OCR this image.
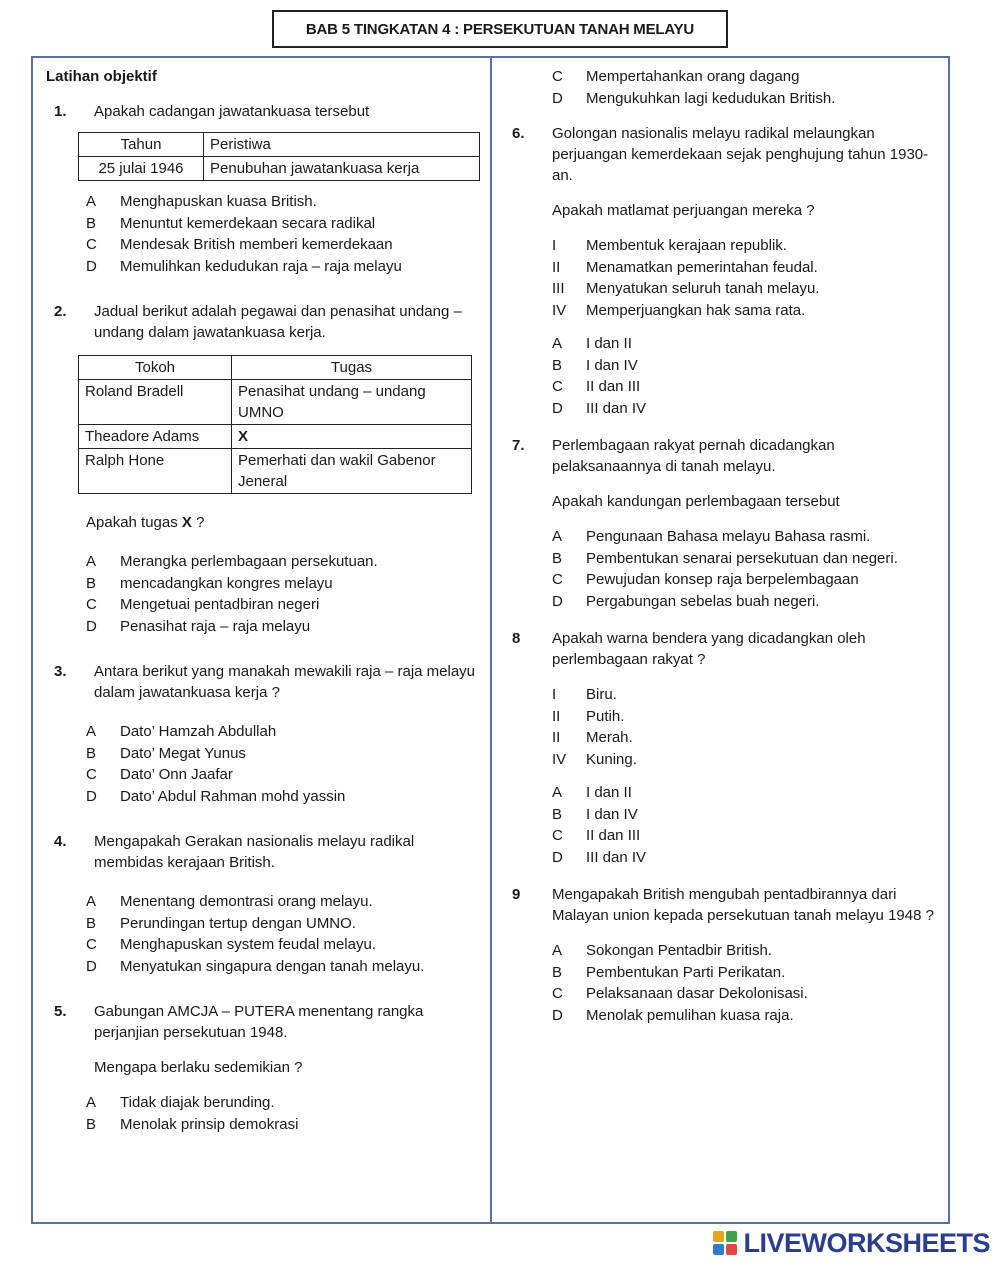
BAB 5 TINGKATAN 4 : PERSEKUTUAN TANAH MELAYU
Latihan objektif
1.	Apakah cadangan jawatankuasa tersebut
Tahun	Peristiwa
25 julai 1946	Penubuhan jawatankuasa kerja
A	Menghapuskan kuasa British.
B	Menuntut kemerdekaan secara radikal
C	Mendesak British memberi kemerdekaan
D	Memulihkan kedudukan raja – raja melayu
2.	Jadual berikut adalah pegawai dan penasihat undang – undang dalam jawatankuasa kerja.
Tokoh	Tugas
Roland Bradell	Penasihat undang – undang UMNO
Theadore Adams	X
Ralph Hone	Pemerhati dan wakil Gabenor Jeneral
Apakah tugas X ?
A	Merangka perlembagaan persekutuan.
B	mencadangkan kongres melayu
C	Mengetuai pentadbiran negeri
D	Penasihat raja – raja melayu
3.	Antara berikut yang manakah mewakili raja – raja melayu dalam jawatankuasa kerja ?
A	Dato’ Hamzah Abdullah
B	Dato’ Megat Yunus
C	Dato’ Onn Jaafar
D	Dato’ Abdul Rahman mohd yassin
4.	Mengapakah Gerakan nasionalis melayu radikal membidas kerajaan British.
A	Menentang demontrasi orang melayu.
B	Perundingan tertup dengan UMNO.
C	Menghapuskan system feudal melayu.
D	Menyatukan singapura dengan tanah melayu.
5.	Gabungan AMCJA – PUTERA menentang rangka perjanjian persekutuan 1948.
Mengapa berlaku sedemikian ?
A	Tidak diajak berunding.
B	Menolak prinsip demokrasi
C	Mempertahankan orang dagang
D	Mengukuhkan lagi kedudukan British.
6.	Golongan nasionalis melayu radikal melaungkan perjuangan kemerdekaan sejak penghujung tahun 1930-an.
Apakah matlamat perjuangan mereka ?
I	Membentuk kerajaan republik.
II	Menamatkan pemerintahan feudal.
III	Menyatukan seluruh tanah melayu.
IV	Memperjuangkan hak sama rata.
A	I dan II
B	I dan IV
C	II dan III
D	III dan IV
7.	Perlembagaan rakyat pernah dicadangkan pelaksanaannya di tanah melayu.
Apakah kandungan perlembagaan tersebut
A	Pengunaan Bahasa melayu Bahasa rasmi.
B	Pembentukan senarai persekutuan dan negeri.
C	Pewujudan konsep raja berpelembagaan
D	Pergabungan sebelas buah negeri.
8	Apakah warna bendera yang dicadangkan oleh perlembagaan rakyat ?
I	Biru.
II	Putih.
II	Merah.
IV	Kuning.
A	I dan II
B	I dan IV
C	II dan III
D	III dan IV
9	Mengapakah British mengubah pentadbirannya dari Malayan union kepada persekutuan tanah melayu 1948 ?
A	Sokongan Pentadbir British.
B	Pembentukan Parti Perikatan.
C	Pelaksanaan dasar Dekolonisasi.
D	Menolak pemulihan kuasa raja.
LIVEWORKSHEETS
